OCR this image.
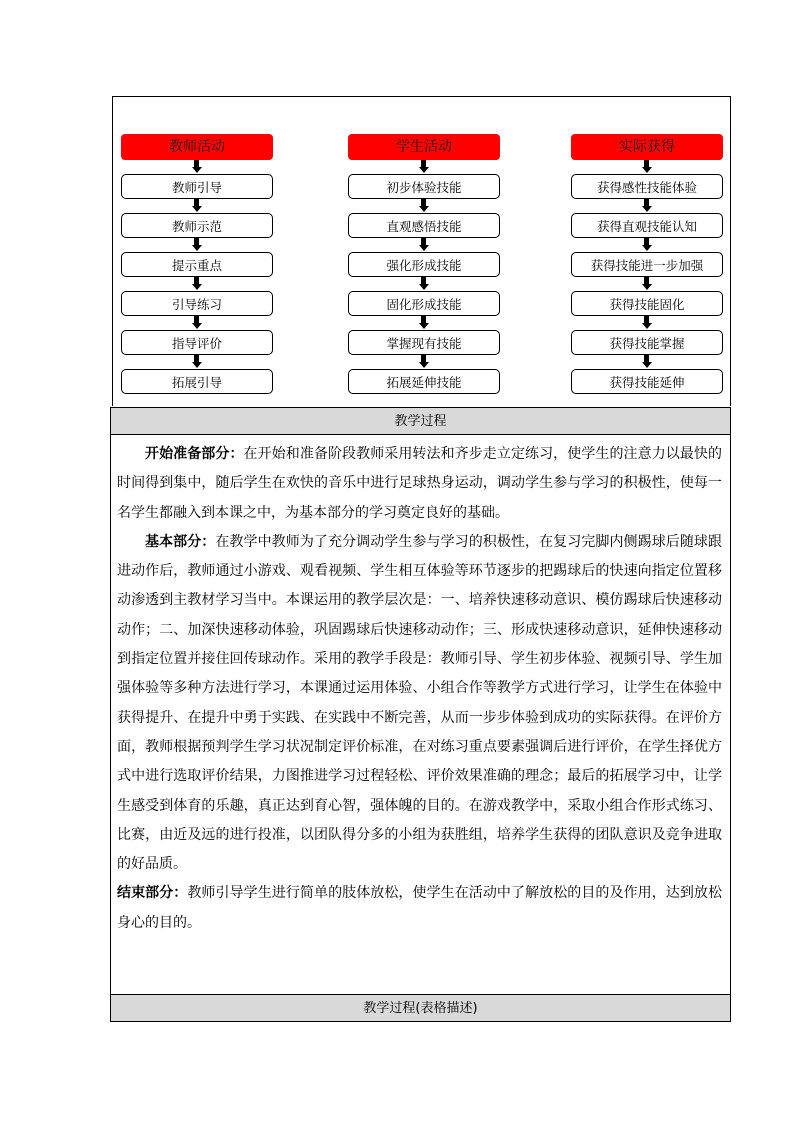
教师活动
教师引导
教师示范
提示重点
引导练习
指导评价
拓展引导
学生活动
初步体验技能
直观感悟技能
强化形成技能
固化形成技能
掌握现有技能
拓展延伸技能
实际获得
获得感性技能体验
获得直观技能认知
获得技能进一步加强
获得技能固化
获得技能掌握
获得技能延伸
教学过程

开始准备部分：在开始和准备阶段教师采用转法和齐步走立定练习，使学生的注意力以最快的时间得到集中，随后学生在欢快的音乐中进行足球热身运动，调动学生参与学习的积极性，使每一名学生都融入到本课之中，为基本部分的学习奠定良好的基础。

基本部分：在教学中教师为了充分调动学生参与学习的积极性，在复习完脚内侧踢球后随球跟进动作后，教师通过小游戏、观看视频、学生相互体验等环节逐步的把踢球后的快速向指定位置移动渗透到主教材学习当中。本课运用的教学层次是：一、培养快速移动意识、模仿踢球后快速移动动作；二、加深快速移动体验，巩固踢球后快速移动动作；三、形成快速移动意识，延伸快速移动到指定位置并接住回传球动作。采用的教学手段是：教师引导、学生初步体验、视频引导、学生加强体验等多种方法进行学习，本课通过运用体验、小组合作等教学方式进行学习，让学生在体验中获得提升、在提升中勇于实践、在实践中不断完善，从而一步步体验到成功的实际获得。在评价方面，教师根据预判学生学习状况制定评价标准，在对练习重点要素强调后进行评价，在学生择优方式中进行选取评价结果，力图推进学习过程轻松、评价效果准确的理念；最后的拓展学习中，让学生感受到体育的乐趣，真正达到育心智，强体魄的目的。在游戏教学中，采取小组合作形式练习、比赛，由近及远的进行投准，以团队得分多的小组为获胜组，培养学生获得的团队意识及竞争进取的好品质。

结束部分：教师引导学生进行简单的肢体放松，使学生在活动中了解放松的目的及作用，达到放松身心的目的。

教学过程(表格描述)
